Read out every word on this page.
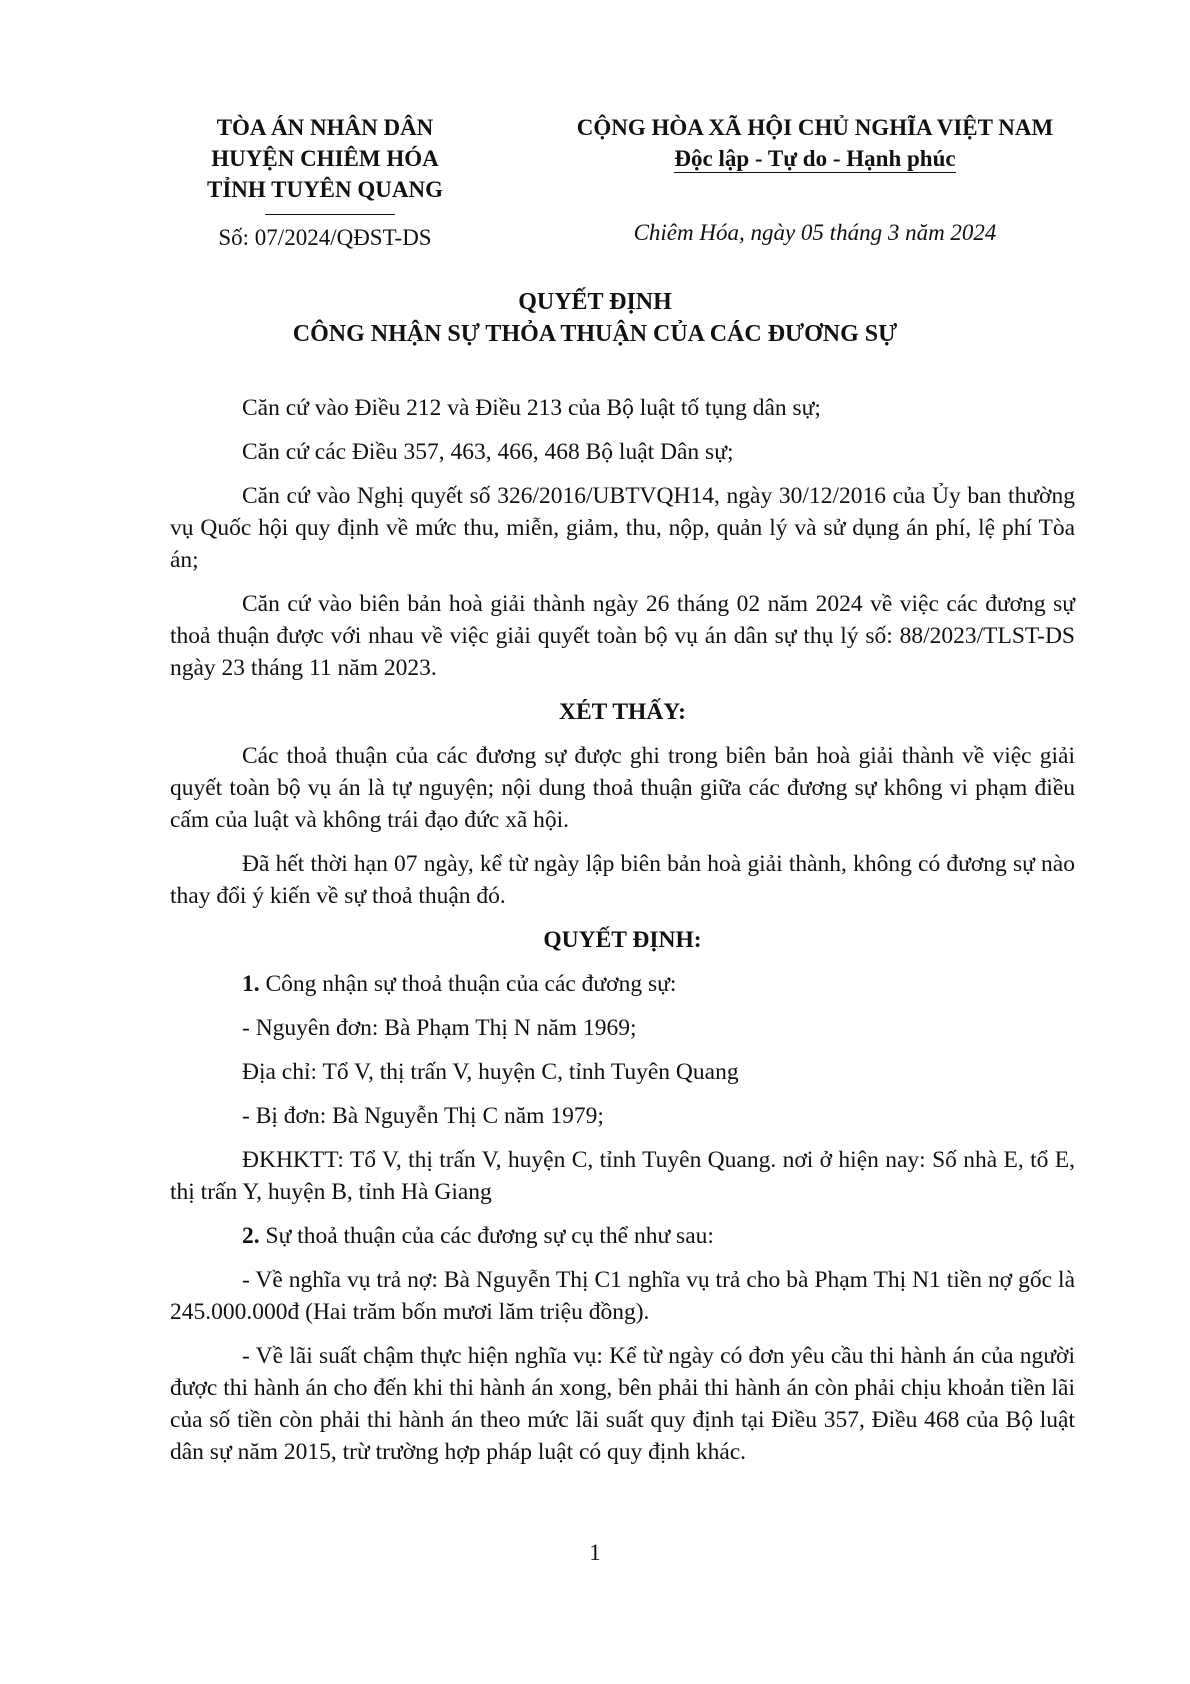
TÒA ÁN NHÂN DÂN
HUYỆN CHIÊM HÓA
TỈNH TUYÊN QUANG
Số: 07/2024/QĐST-DS
CỘNG HÒA XÃ HỘI CHỦ NGHĨA VIỆT NAM
Độc lập - Tự do - Hạnh phúc
Chiêm Hóa, ngày 05 tháng 3 năm 2024
QUYẾT ĐỊNH
CÔNG NHẬN SỰ THỎA THUẬN CỦA CÁC ĐƯƠNG SỰ

Căn cứ vào Điều 212 và Điều 213 của Bộ luật tố tụng dân sự;

Căn cứ các Điều 357, 463, 466, 468 Bộ luật Dân sự;

Căn cứ vào Nghị quyết số 326/2016/UBTVQH14, ngày 30/12/2016 của Ủy ban thường vụ Quốc hội quy định về mức thu, miễn, giảm, thu, nộp, quản lý và sử dụng án phí, lệ phí Tòa án;

Căn cứ vào biên bản hoà giải thành ngày 26 tháng 02 năm 2024 về việc các đương sự thoả thuận được với nhau về việc giải quyết toàn bộ vụ án dân sự thụ lý số: 88/2023/TLST-DS ngày 23 tháng 11 năm 2023.

XÉT THẤY:

Các thoả thuận của các đương sự được ghi trong biên bản hoà giải thành về việc giải quyết toàn bộ vụ án là tự nguyện; nội dung thoả thuận giữa các đương sự không vi phạm điều cấm của luật và không trái đạo đức xã hội.

Đã hết thời hạn 07 ngày, kể từ ngày lập biên bản hoà giải thành, không có đương sự nào thay đổi ý kiến về sự thoả thuận đó.

QUYẾT ĐỊNH:

1. Công nhận sự thoả thuận của các đương sự:

- Nguyên đơn: Bà Phạm Thị N năm 1969;

Địa chỉ: Tổ V, thị trấn V, huyện C, tỉnh Tuyên Quang

- Bị đơn: Bà Nguyễn Thị C năm 1979;

ĐKHKTT: Tổ V, thị trấn V, huyện C, tỉnh Tuyên Quang. nơi ở hiện nay: Số nhà E, tổ E, thị trấn Y, huyện B, tỉnh Hà Giang

2. Sự thoả thuận của các đương sự cụ thể như sau:

- Về nghĩa vụ trả nợ: Bà Nguyễn Thị C1 nghĩa vụ trả cho bà Phạm Thị N1 tiền nợ gốc là 245.000.000đ (Hai trăm bốn mươi lăm triệu đồng).

- Về lãi suất chậm thực hiện nghĩa vụ: Kể từ ngày có đơn yêu cầu thi hành án của người được thi hành án cho đến khi thi hành án xong, bên phải thi hành án còn phải chịu khoản tiền lãi của số tiền còn phải thi hành án theo mức lãi suất quy định tại Điều 357, Điều 468 của Bộ luật dân sự năm 2015, trừ trường hợp pháp luật có quy định khác.

1
